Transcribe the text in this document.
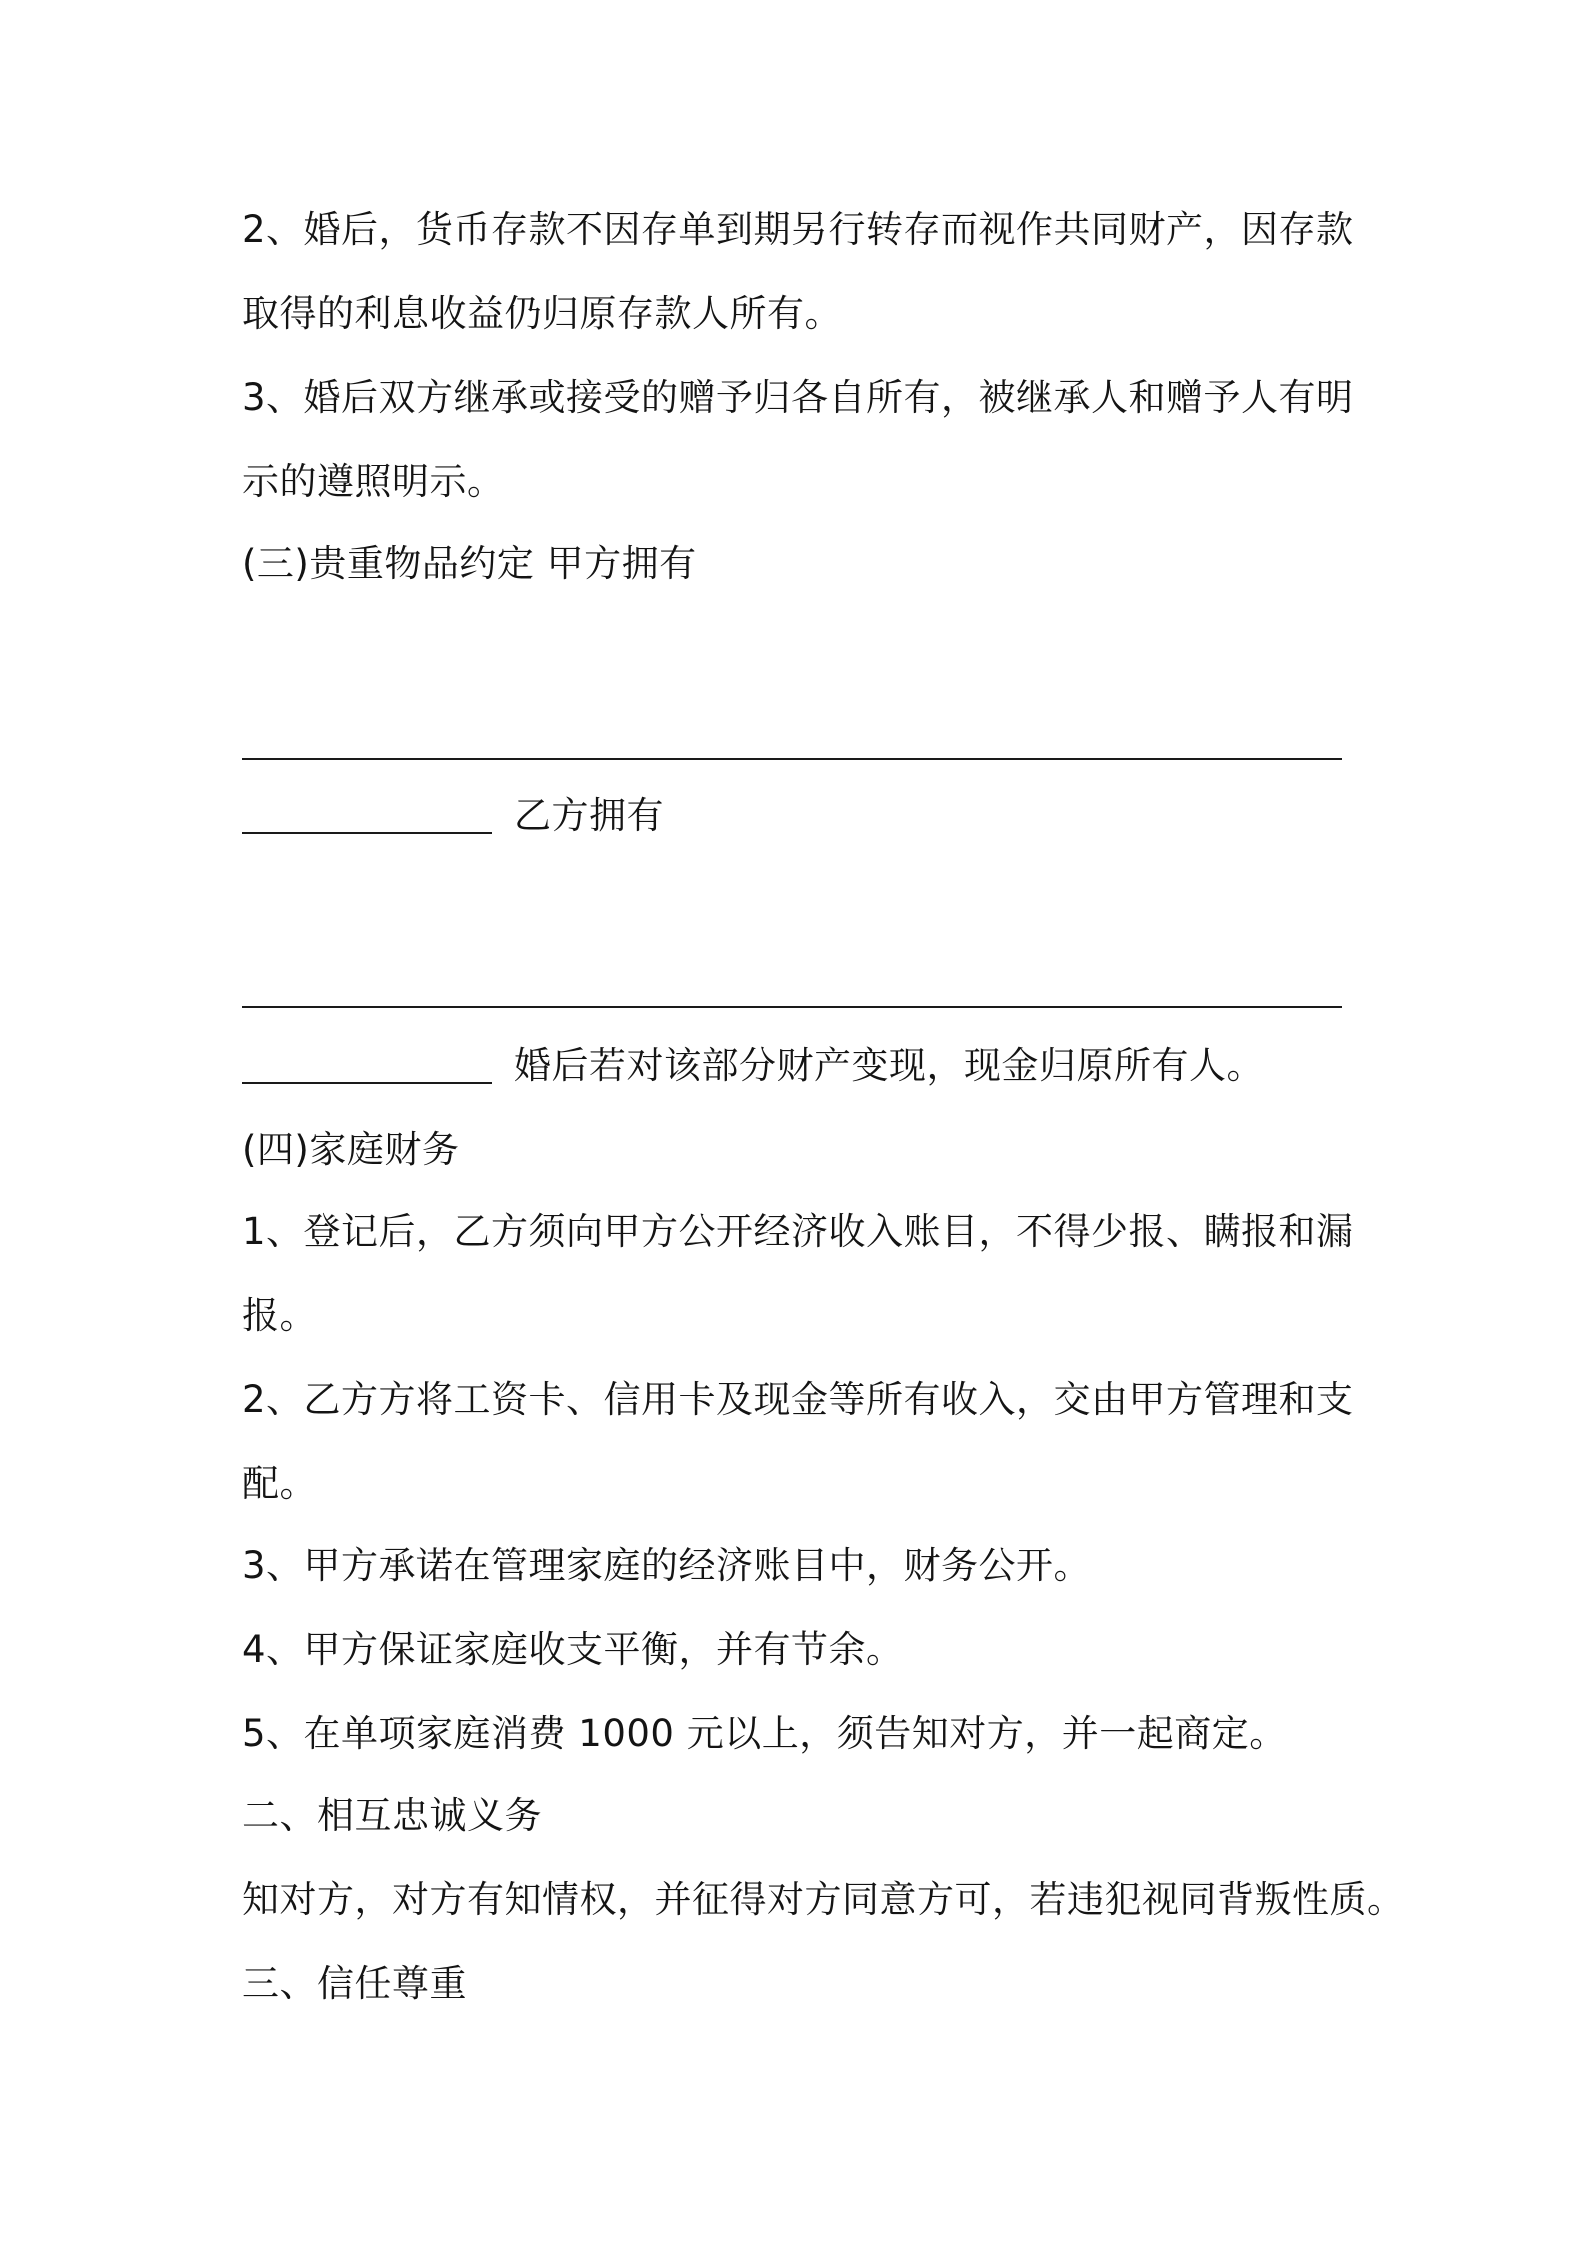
2、婚后，货币存款不因存单到期另行转存而视作共同财产，因存款
取得的利息收益仍归原存款人所有。
3、婚后双方继承或接受的赠予归各自所有，被继承人和赠予人有明
示的遵照明示。
(三)贵重物品约定 甲方拥有
乙方拥有
婚后若对该部分财产变现，现金归原所有人。
(四)家庭财务
1、登记后，乙方须向甲方公开经济收入账目，不得少报、瞒报和漏
报。
2、乙方方将工资卡、信用卡及现金等所有收入，交由甲方管理和支
配。
3、甲方承诺在管理家庭的经济账目中，财务公开。
4、甲方保证家庭收支平衡，并有节余。
5、在单项家庭消费 1000 元以上，须告知对方，并一起商定。
二、相互忠诚义务
知对方，对方有知情权，并征得对方同意方可，若违犯视同背叛性质。
三、信任尊重
